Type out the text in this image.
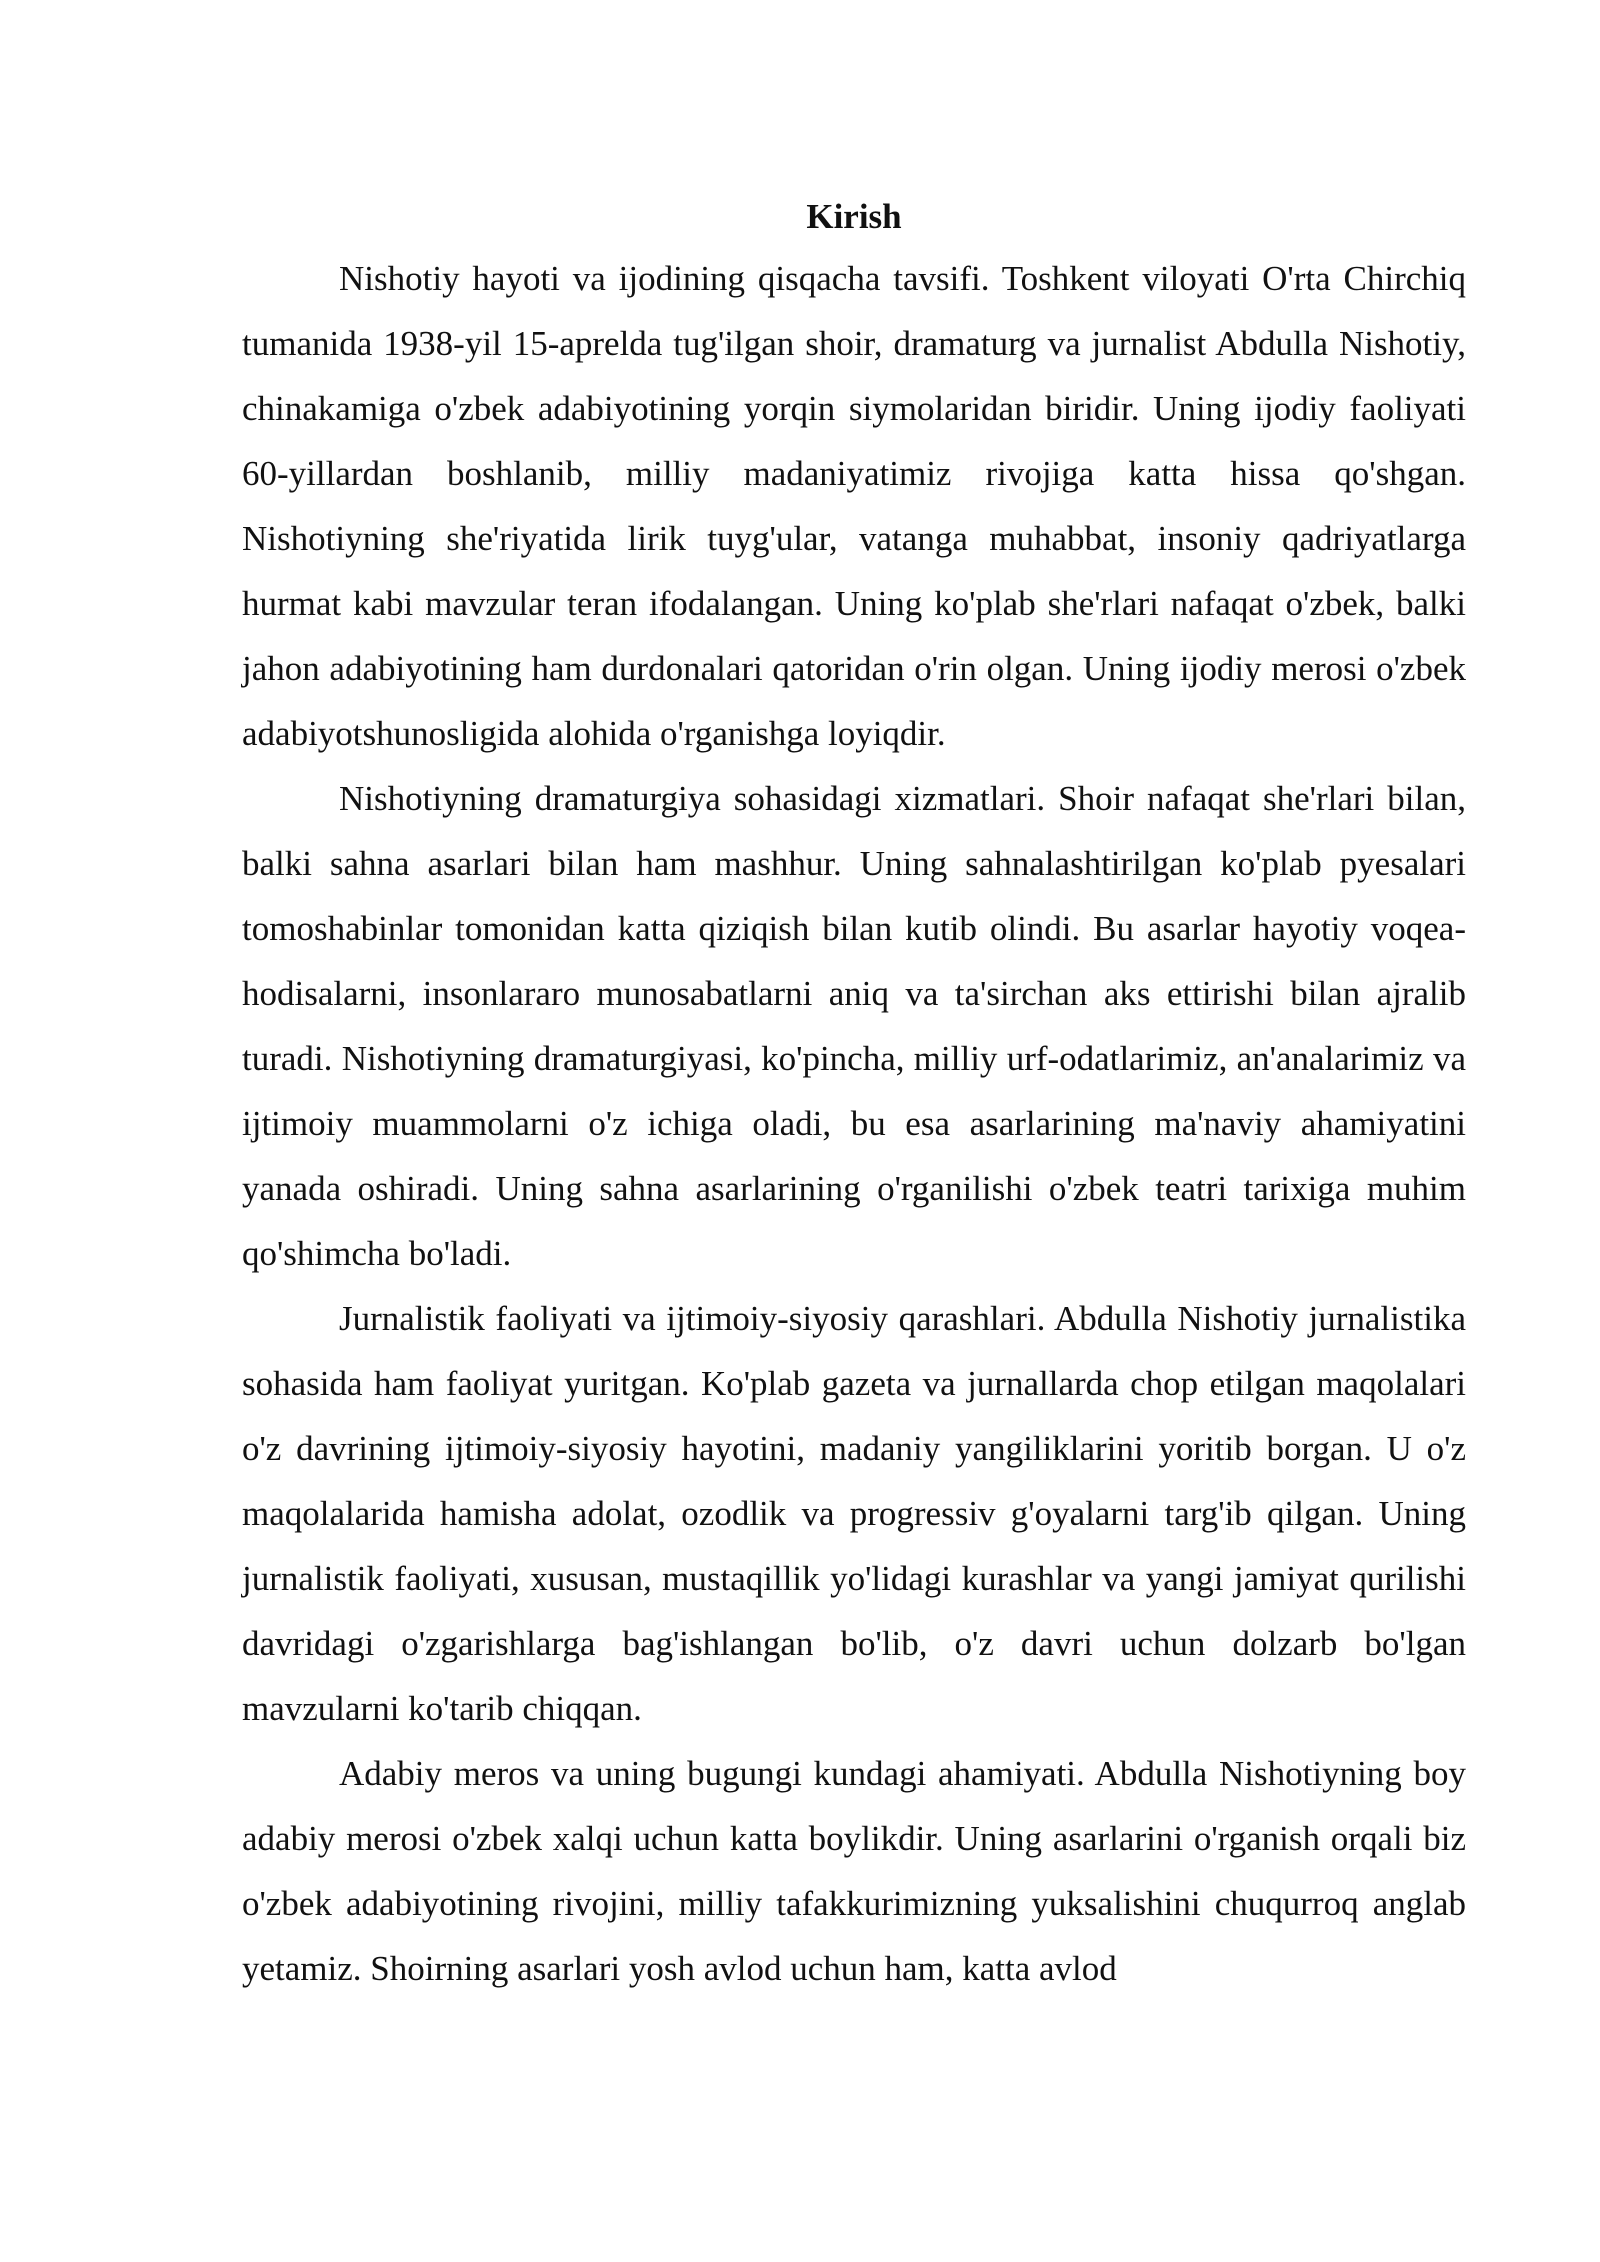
Kirish

Nishotiy hayoti va ijodining qisqacha tavsifi. Toshkent viloyati O'rta Chirchiq tumanida 1938-yil 15-aprelda tug'ilgan shoir, dramaturg va jurnalist Abdulla Nishotiy, chinakamiga o'zbek adabiyotining yorqin siymolaridan biridir. Uning ijodiy faoliyati 60-yillardan boshlanib, milliy madaniyatimiz rivojiga katta hissa qo'shgan. Nishotiyning she'riyatida lirik tuyg'ular, vatanga muhabbat, insoniy qadriyatlarga hurmat kabi mavzular teran ifodalangan. Uning ko'plab she'rlari nafaqat o'zbek, balki jahon adabiyotining ham durdonalari qatoridan o'rin olgan. Uning ijodiy merosi o'zbek adabiyotshunosligida alohida o'rganishga loyiqdir.

Nishotiyning dramaturgiya sohasidagi xizmatlari. Shoir nafaqat she'rlari bilan, balki sahna asarlari bilan ham mashhur. Uning sahnalashtirilgan ko'plab pyesalari tomoshabinlar tomonidan katta qiziqish bilan kutib olindi. Bu asarlar hayotiy voqea-hodisalarni, insonlararo munosabatlarni aniq va ta'sirchan aks ettirishi bilan ajralib turadi. Nishotiyning dramaturgiyasi, ko'pincha, milliy urf-odatlarimiz, an'analarimiz va ijtimoiy muammolarni o'z ichiga oladi, bu esa asarlarining ma'naviy ahamiyatini yanada oshiradi. Uning sahna asarlarining o'rganilishi o'zbek teatri tarixiga muhim qo'shimcha bo'ladi.

Jurnalistik faoliyati va ijtimoiy-siyosiy qarashlari. Abdulla Nishotiy jurnalistika sohasida ham faoliyat yuritgan. Ko'plab gazeta va jurnallarda chop etilgan maqolalari o'z davrining ijtimoiy-siyosiy hayotini, madaniy yangiliklarini yoritib borgan. U o'z maqolalarida hamisha adolat, ozodlik va progressiv g'oyalarni targ'ib qilgan. Uning jurnalistik faoliyati, xususan, mustaqillik yo'lidagi kurashlar va yangi jamiyat qurilishi davridagi o'zgarishlarga bag'ishlangan bo'lib, o'z davri uchun dolzarb bo'lgan mavzularni ko'tarib chiqqan.

Adabiy meros va uning bugungi kundagi ahamiyati. Abdulla Nishotiyning boy adabiy merosi o'zbek xalqi uchun katta boylikdir. Uning asarlarini o'rganish orqali biz o'zbek adabiyotining rivojini, milliy tafakkurimizning yuksalishini chuqurroq anglab yetamiz. Shoirning asarlari yosh avlod uchun ham, katta avlod
